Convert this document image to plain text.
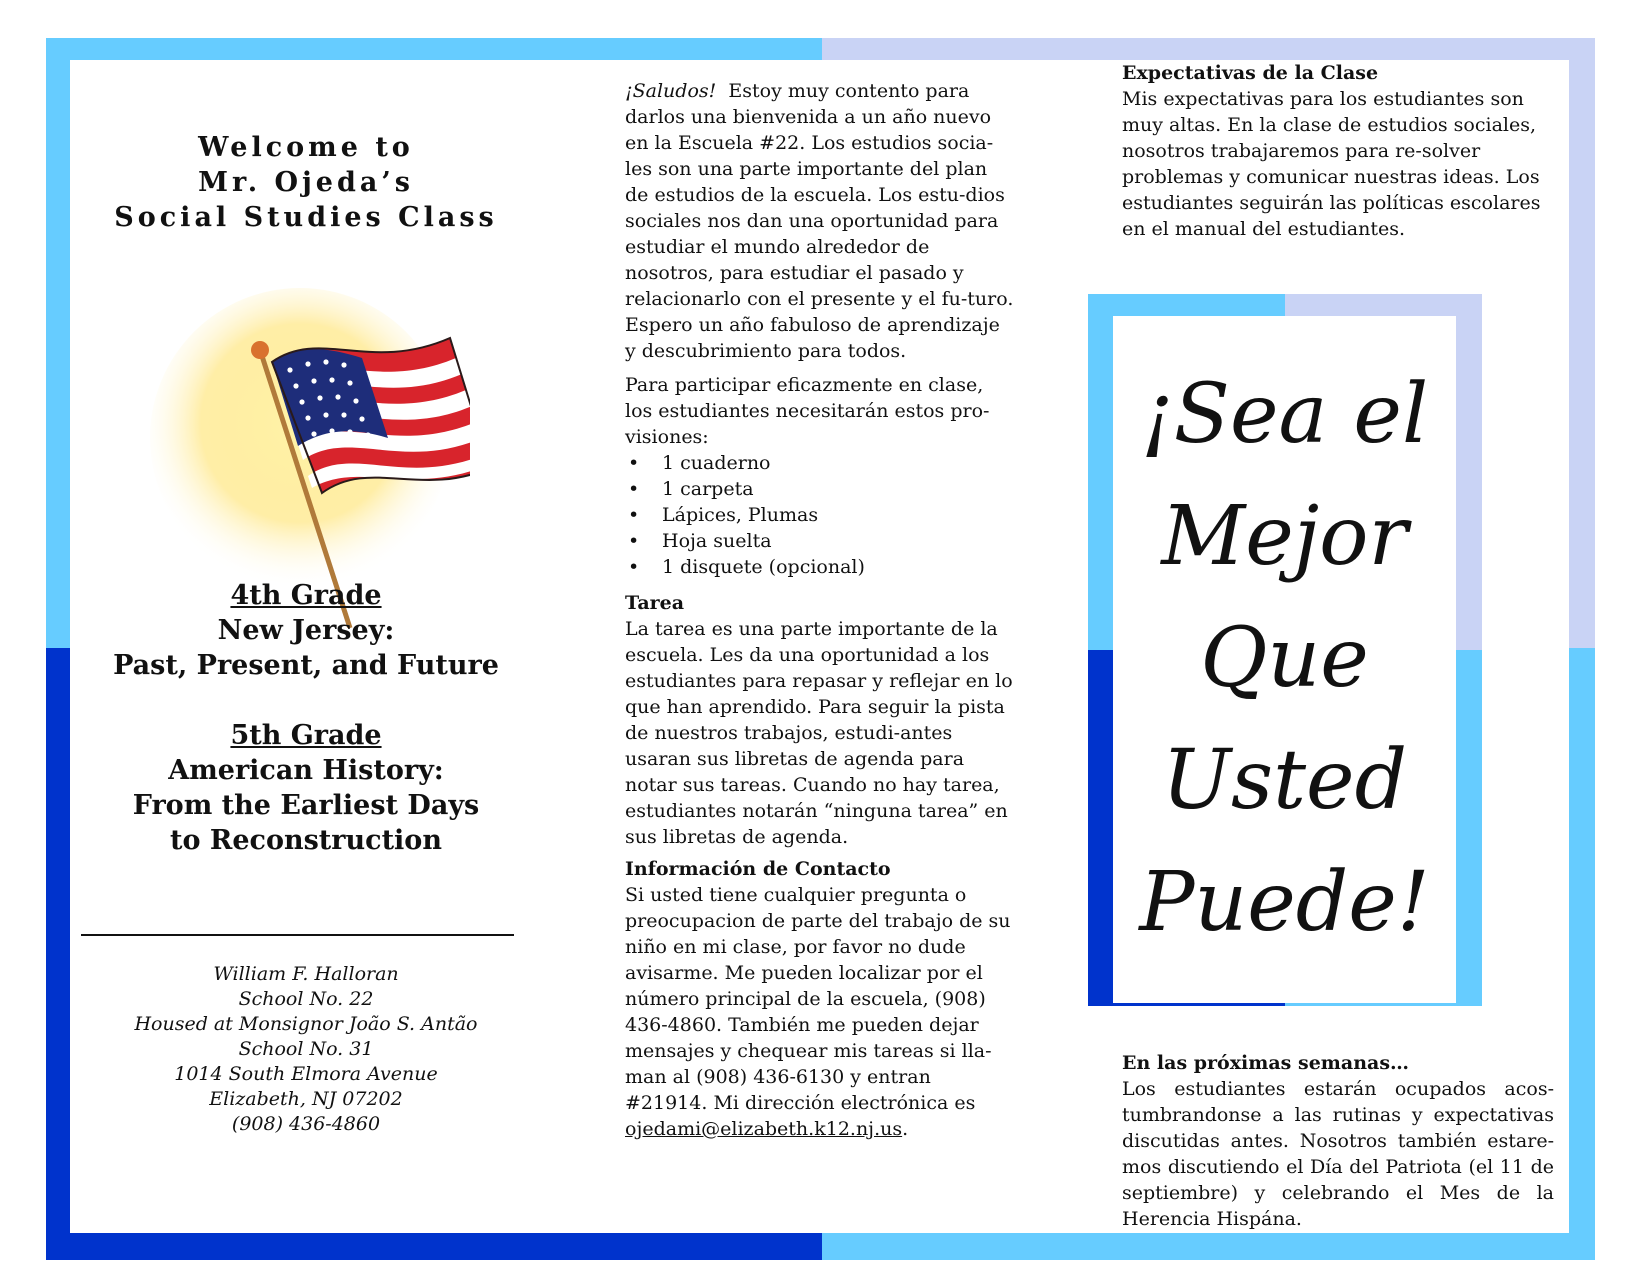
Welcome to
Mr. Ojeda’s
Social Studies Class
4th Grade
New Jersey:
Past, Present, and Future
5th Grade
American History:
From the Earliest Days
to Reconstruction
William F. Halloran
School No. 22
Housed at Monsignor João S. Antão
School No. 31
1014 South Elmora Avenue
Elizabeth, NJ 07202
(908) 436-4860

¡Saludos! Estoy muy contento para darlos una bienvenida a un año nuevo en la Escuela #22. Los estudios socia-les son una parte importante del plan de estudios de la escuela. Los estu-dios sociales nos dan una oportunidad para estudiar el mundo alrededor de nosotros, para estudiar el pasado y relacionarlo con el presente y el fu-turo. Espero un año fabuloso de aprendizaje y descubrimiento para todos.

Para participar eficazmente en clase, los estudiantes necesitarán estos pro-visiones:

• 1 cuaderno
• 1 carpeta
• Lápices, Plumas
• Hoja suelta
• 1 disquete (opcional)

Tarea

La tarea es una parte importante de la escuela. Les da una oportunidad a los estudiantes para repasar y reflejar en lo que han aprendido. Para seguir la pista de nuestros trabajos, estudi-antes usaran sus libretas de agenda para notar sus tareas. Cuando no hay tarea, estudiantes notarán “ninguna tarea” en sus libretas de agenda.

Información de Contacto

Si usted tiene cualquier pregunta o preocupacion de parte del trabajo de su niño en mi clase, por favor no dude avisarme. Me pueden localizar por el número principal de la escuela, (908) 436-4860. También me pueden dejar mensajes y chequear mis tareas si lla-man al (908) 436-6130 y entran #21914. Mi dirección electrónica es ojedami@elizabeth.k12.nj.us.

Expectativas de la Clase
Mis expectativas para los estudiantes son muy altas. En la clase de estudios sociales, nosotros trabajaremos para re-solver problemas y comunicar nuestras ideas. Los estudiantes seguirán las políticas escolares en el manual del estudiantes.
En las próximas semanas…
Los estudiantes estarán ocupados acos-tumbrandonse a las rutinas y expectativas discutidas antes. Nosotros también estare-mos discutiendo el Día del Patriota (el 11 de septiembre) y celebrando el Mes de la Herencia Hispána.
¡Sea el
Mejor
Que
Usted
Puede!
